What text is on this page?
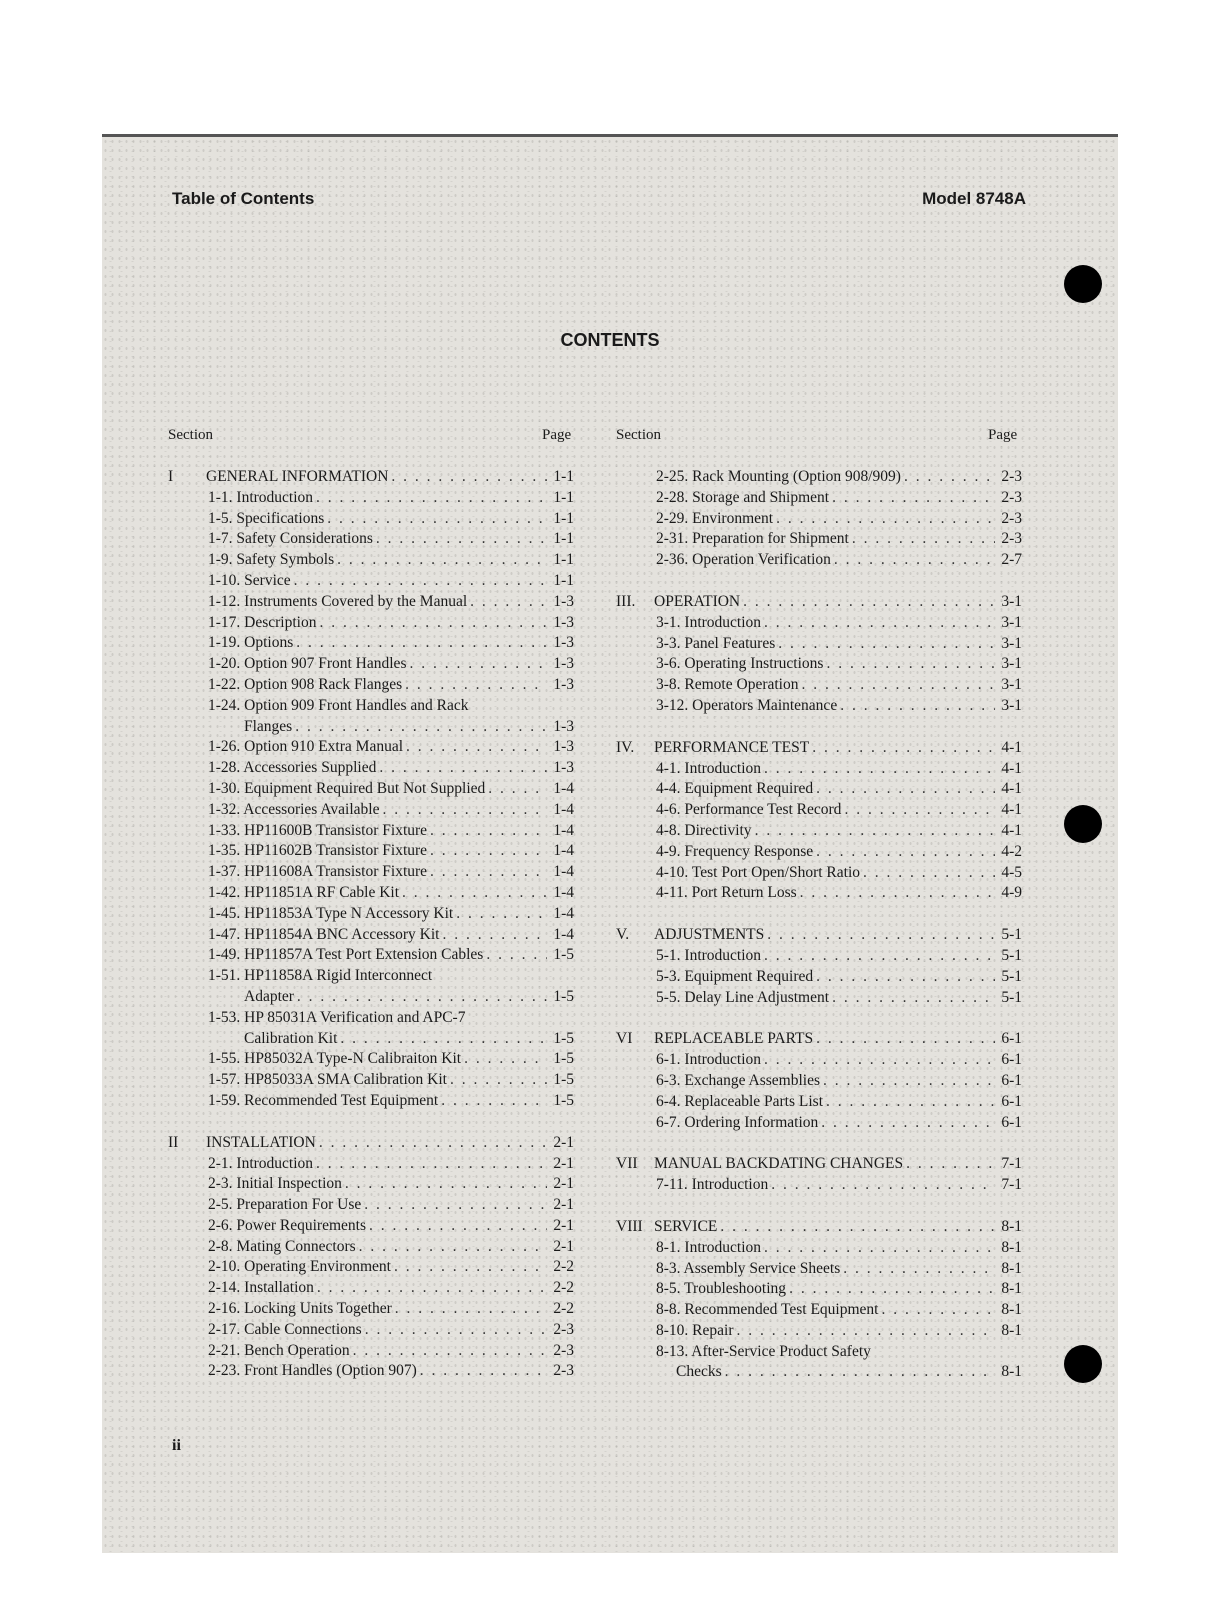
Table of Contents	Model 8748A
CONTENTS
Section	Page	Section	Page
I GENERAL INFORMATION . . .	1-1
1-1. Introduction . . .	1-1
1-5. Specifications . . .	1-1
1-7. Safety Considerations . . .	1-1
1-9. Safety Symbols . . .	1-1
1-10. Service . . .	1-1
1-12. Instruments Covered by the Manual . . .	1-3
1-17. Description . . .	1-3
1-19. Options . . .	1-3
1-20. Option 907 Front Handles . . .	1-3
1-22. Option 908 Rack Flanges . . .	1-3
1-24. Option 909 Front Handles and Rack
Flanges . . .	1-3
1-26. Option 910 Extra Manual . . .	1-3
1-28. Accessories Supplied . . .	1-3
1-30. Equipment Required But Not Supplied . . .	1-4
1-32. Accessories Available . . .	1-4
1-33. HP11600B Transistor Fixture . . .	1-4
1-35. HP11602B Transistor Fixture . . .	1-4
1-37. HP11608A Transistor Fixture . . .	1-4
1-42. HP11851A RF Cable Kit . . .	1-4
1-45. HP11853A Type N Accessory Kit . . .	1-4
1-47. HP11854A BNC Accessory Kit . . .	1-4
1-49. HP11857A Test Port Extension Cables . . .	1-5
1-51. HP11858A Rigid Interconnect
Adapter . . .	1-5
1-53. HP 85031A Verification and APC-7
Calibration Kit . . .	1-5
1-55. HP85032A Type-N Calibraiton Kit . . .	1-5
1-57. HP85033A SMA Calibration Kit . . .	1-5
1-59. Recommended Test Equipment . . .	1-5
II INSTALLATION . . .	2-1
2-1. Introduction . . .	2-1
2-3. Initial Inspection . . .	2-1
2-5. Preparation For Use . . .	2-1
2-6. Power Requirements . . .	2-1
2-8. Mating Connectors . . .	2-1
2-10. Operating Environment . . .	2-2
2-14. Installation . . .	2-2
2-16. Locking Units Together . . .	2-2
2-17. Cable Connections . . .	2-3
2-21. Bench Operation . . .	2-3
2-23. Front Handles (Option 907) . . .	2-3
2-25. Rack Mounting (Option 908/909) . . .	2-3
2-28. Storage and Shipment . . .	2-3
2-29. Environment . . .	2-3
2-31. Preparation for Shipment . . .	2-3
2-36. Operation Verification . . .	2-7
III. OPERATION . . .	3-1
3-1. Introduction . . .	3-1
3-3. Panel Features . . .	3-1
3-6. Operating Instructions . . .	3-1
3-8. Remote Operation . . .	3-1
3-12. Operators Maintenance . . .	3-1
IV. PERFORMANCE TEST . . .	4-1
4-1. Introduction . . .	4-1
4-4. Equipment Required . . .	4-1
4-6. Performance Test Record . . .	4-1
4-8. Directivity . . .	4-1
4-9. Frequency Response . . .	4-2
4-10. Test Port Open/Short Ratio . . .	4-5
4-11. Port Return Loss . . .	4-9
V. ADJUSTMENTS . . .	5-1
5-1. Introduction . . .	5-1
5-3. Equipment Required . . .	5-1
5-5. Delay Line Adjustment . . .	5-1
VI REPLACEABLE PARTS . . .	6-1
6-1. Introduction . . .	6-1
6-3. Exchange Assemblies . . .	6-1
6-4. Replaceable Parts List . . .	6-1
6-7. Ordering Information . . .	6-1
VII MANUAL BACKDATING CHANGES . . .	7-1
7-11. Introduction . . .	7-1
VIII SERVICE . . .	8-1
8-1. Introduction . . .	8-1
8-3. Assembly Service Sheets . . .	8-1
8-5. Troubleshooting . . .	8-1
8-8. Recommended Test Equipment . . .	8-1
8-10. Repair . . .	8-1
8-13. After-Service Product Safety
Checks . . .	8-1
ii
